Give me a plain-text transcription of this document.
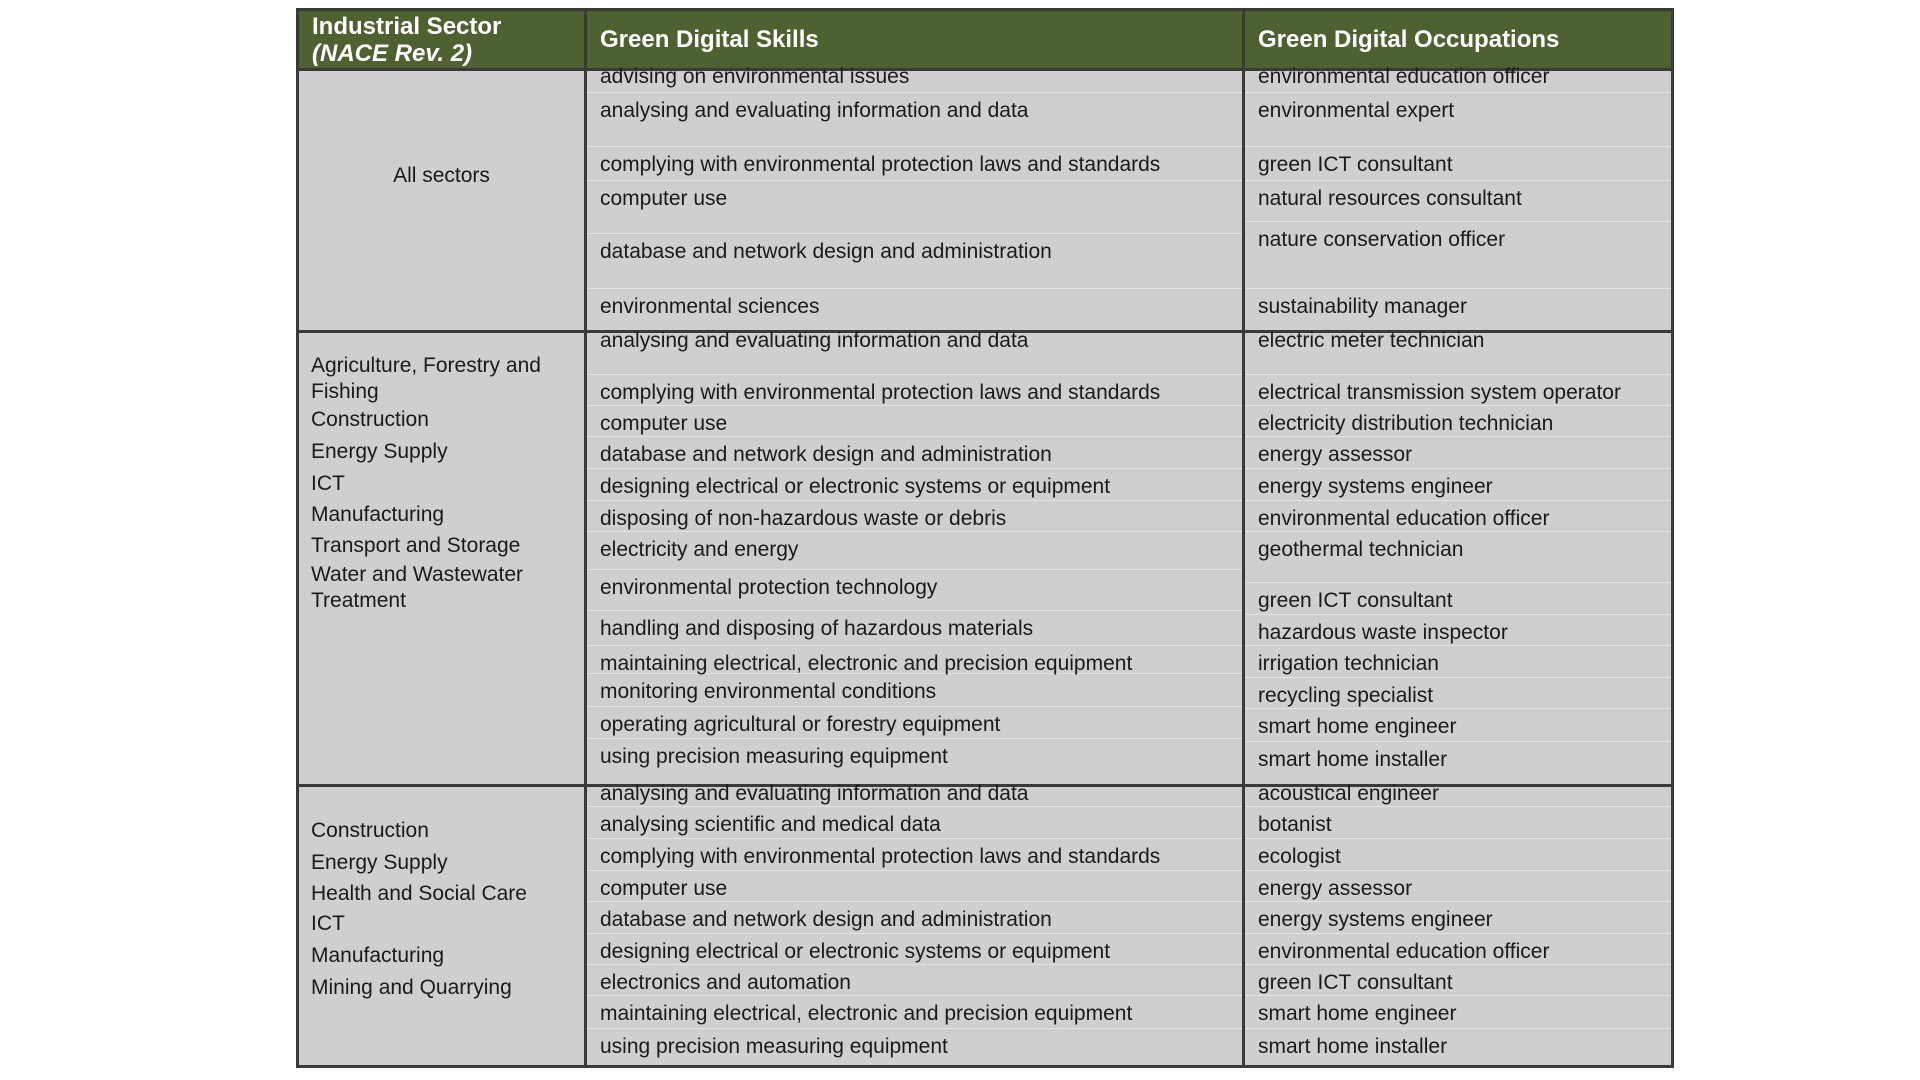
Industrial Sector
(NACE Rev. 2)
Green Digital Skills	Green Digital Occupations
All sectors
advising on environmental issues
analysing and evaluating information and data
complying with environmental protection laws and standards
computer use
database and network design and administration
environmental sciences
environmental education officer
environmental expert
green ICT consultant
natural resources consultant
nature conservation officer
sustainability manager
Agriculture, Forestry and
Fishing
Construction
Energy Supply
ICT
Manufacturing
Transport and Storage
Water and Wastewater
Treatment
analysing and evaluating information and data
complying with environmental protection laws and standards
computer use
database and network design and administration
designing electrical or electronic systems or equipment
disposing of non-hazardous waste or debris
electricity and energy
environmental protection technology
handling and disposing of hazardous materials
maintaining electrical, electronic and precision equipment
monitoring environmental conditions
operating agricultural or forestry equipment
using precision measuring equipment
electric meter technician
electrical transmission system operator
electricity distribution technician
energy assessor
energy systems engineer
environmental education officer
geothermal technician
green ICT consultant
hazardous waste inspector
irrigation technician
recycling specialist
smart home engineer
smart home installer
Construction
Energy Supply
Health and Social Care
ICT
Manufacturing
Mining and Quarrying
analysing and evaluating information and data
analysing scientific and medical data
complying with environmental protection laws and standards
computer use
database and network design and administration
designing electrical or electronic systems or equipment
electronics and automation
maintaining electrical, electronic and precision equipment
using precision measuring equipment
acoustical engineer
botanist
ecologist
energy assessor
energy systems engineer
environmental education officer
green ICT consultant
smart home engineer
smart home installer
